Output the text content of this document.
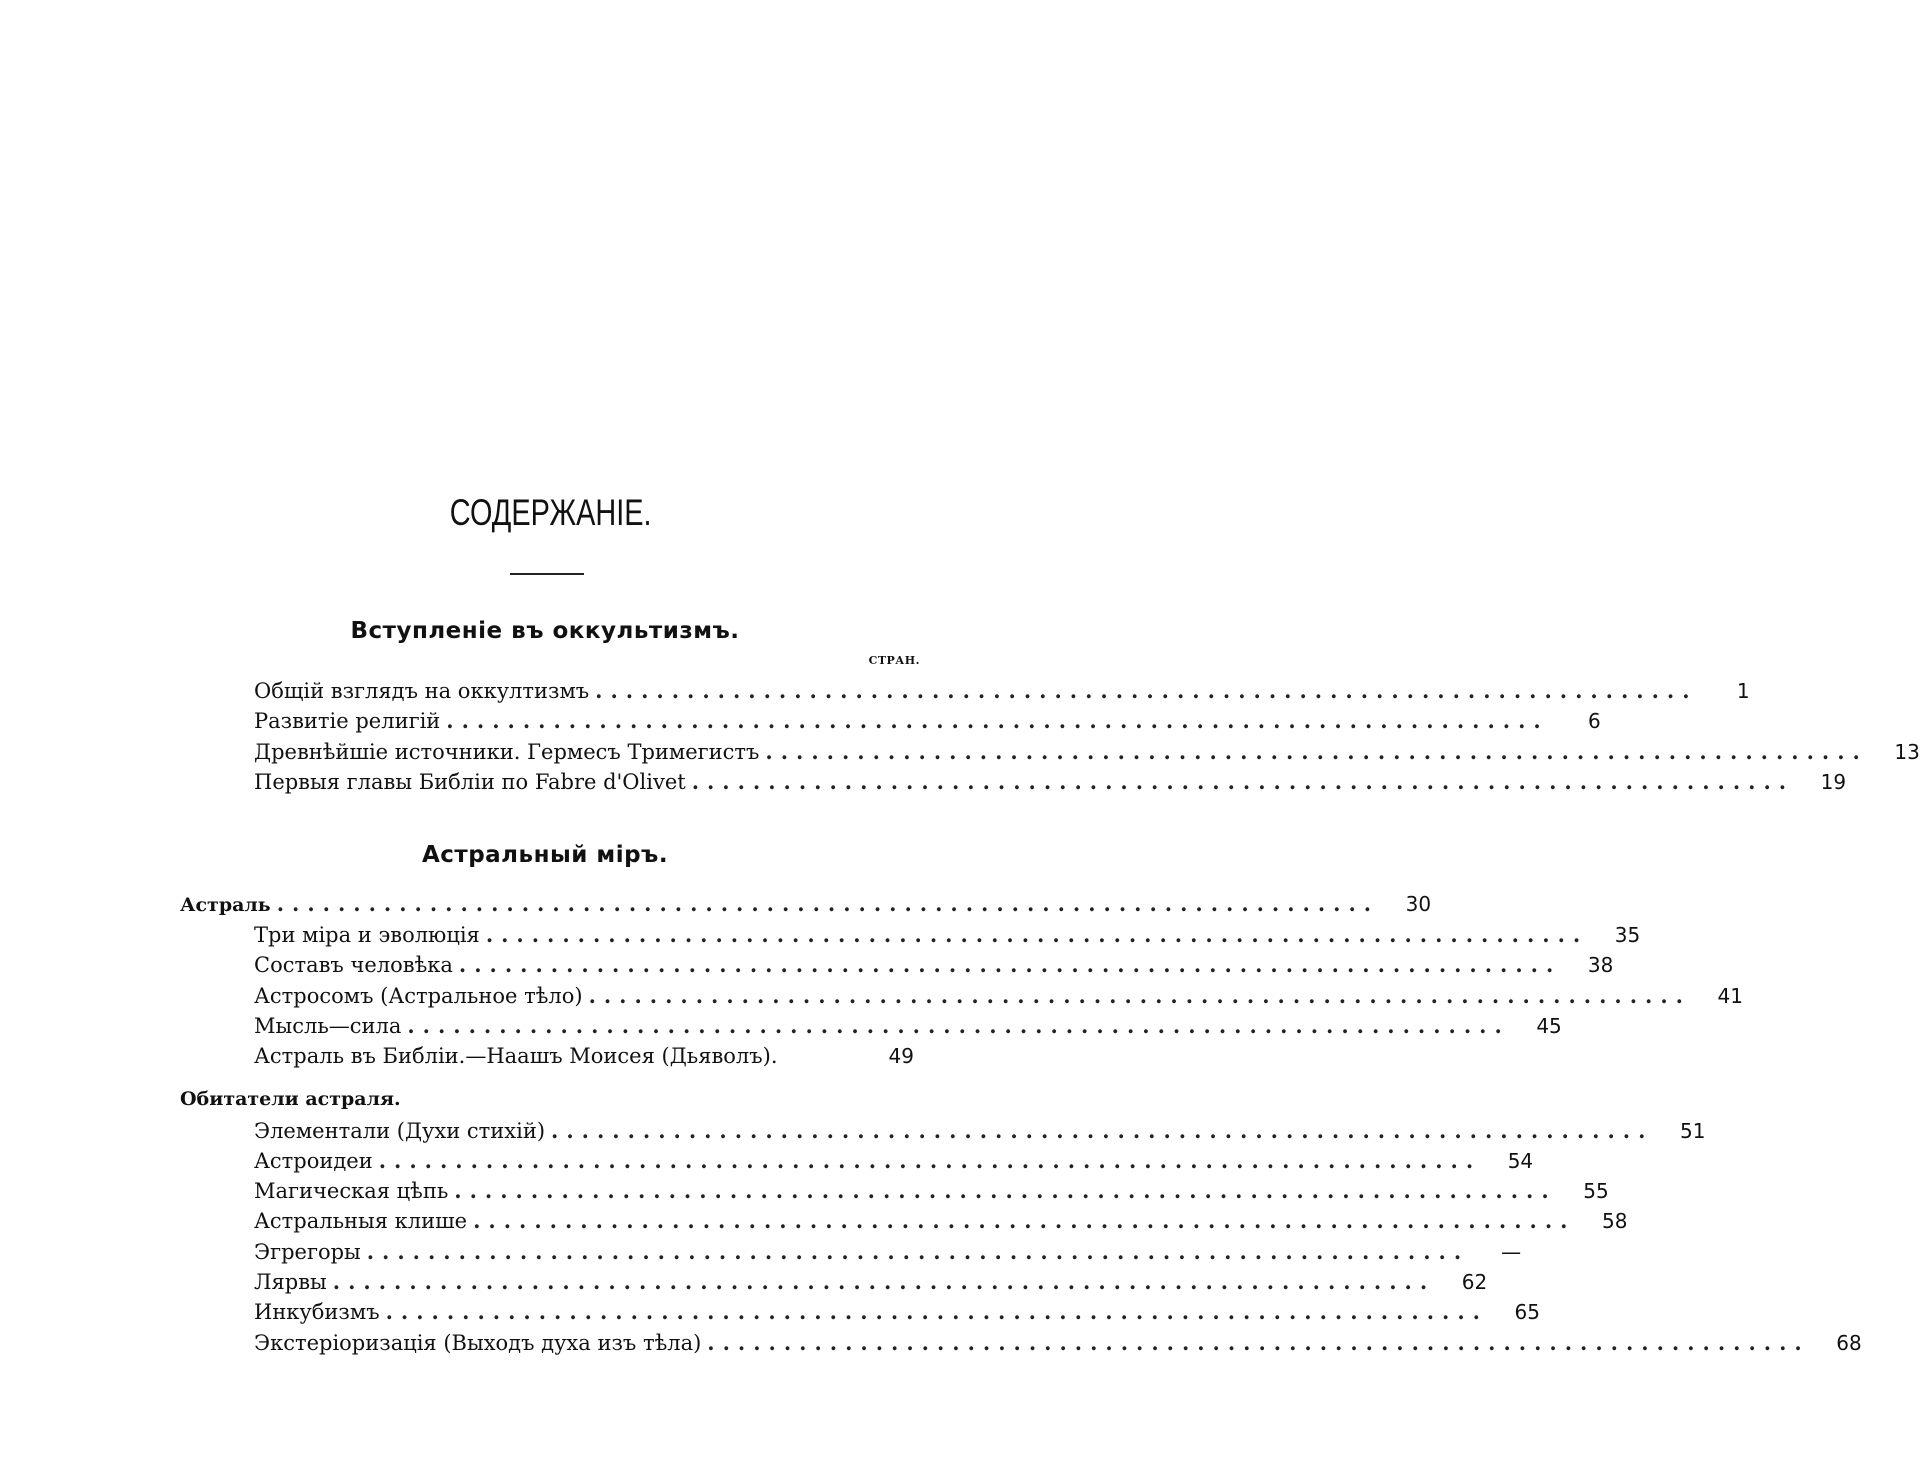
СОДЕРЖАНІЕ.
Вступленіе въ оккультизмъ.
СТРАН.
Общій взглядъ на оккултизмъ ........................................................................	1
Развитіе религій ........................................................................	6
Древнѣйшіе источники. Гермесъ Тримегистъ ........................................................................	13
Первыя главы Библіи по Fabre d'Olivet ........................................................................	19
Астральный міръ.
Астраль ........................................................................	30
Три міра и эволюція ........................................................................	35
Составъ человѣка ........................................................................	38
Астросомъ (Астральное тѣло) ........................................................................	41
Мысль—сила ........................................................................	45
Астраль въ Библіи.—Наашъ Моисея (Дьяволъ).	49
Обитатели астраля.
Элементали (Духи стихій) ........................................................................	51
Астроидеи ........................................................................	54
Магическая цѣпь ........................................................................	55
Астральныя клише ........................................................................	58
Эгрегоры ........................................................................	—
Лярвы ........................................................................	62
Инкубизмъ ........................................................................	65
Экстеріоризація (Выходъ духа изъ тѣла) ........................................................................	68
